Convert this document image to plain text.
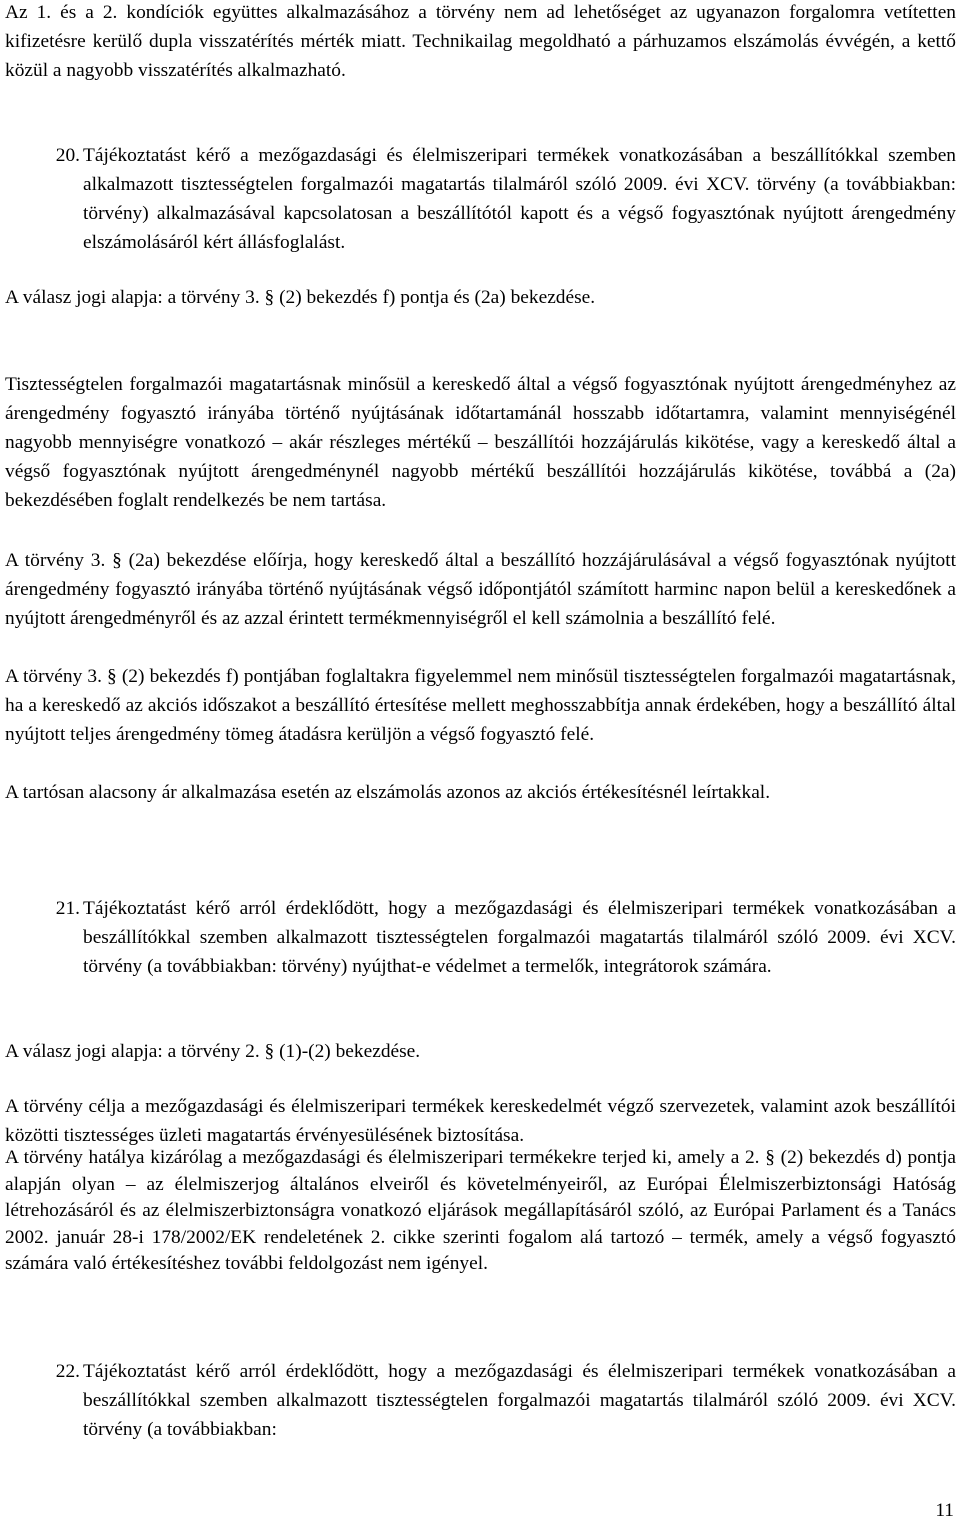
Az 1. és a 2. kondíciók együttes alkalmazásához a törvény nem ad lehetőséget az ugyanazon forgalomra vetítetten kifizetésre kerülő dupla visszatérítés mérték miatt. Technikailag megoldható a párhuzamos elszámolás évvégén, a kettő közül a nagyobb visszatérítés alkalmazható.

20. Tájékoztatást kérő a mezőgazdasági és élelmiszeripari termékek vonatkozásában a beszállítókkal szemben alkalmazott tisztességtelen forgalmazói magatartás tilalmáról szóló 2009. évi XCV. törvény (a továbbiakban: törvény) alkalmazásával kapcsolatosan a beszállítótól kapott és a végső fogyasztónak nyújtott árengedmény elszámolásáról kért állásfoglalást.

A válasz jogi alapja: a törvény 3. § (2) bekezdés f) pontja és (2a) bekezdése.

Tisztességtelen forgalmazói magatartásnak minősül a kereskedő által a végső fogyasztónak nyújtott árengedményhez az árengedmény fogyasztó irányába történő nyújtásának időtartamánál hosszabb időtartamra, valamint mennyiségénél nagyobb mennyiségre vonatkozó – akár részleges mértékű – beszállítói hozzájárulás kikötése, vagy a kereskedő által a végső fogyasztónak nyújtott árengedménynél nagyobb mértékű beszállítói hozzájárulás kikötése, továbbá a (2a) bekezdésében foglalt rendelkezés be nem tartása.

A törvény 3. § (2a) bekezdése előírja, hogy kereskedő által a beszállító hozzájárulásával a végső fogyasztónak nyújtott árengedmény fogyasztó irányába történő nyújtásának végső időpontjától számított harminc napon belül a kereskedőnek a nyújtott árengedményről és az azzal érintett termékmennyiségről el kell számolnia a beszállító felé.

A törvény 3. § (2) bekezdés f) pontjában foglaltakra figyelemmel nem minősül tisztességtelen forgalmazói magatartásnak, ha a kereskedő az akciós időszakot a beszállító értesítése mellett meghosszabbítja annak érdekében, hogy a beszállító által nyújtott teljes árengedmény tömeg átadásra kerüljön a végső fogyasztó felé.

A tartósan alacsony ár alkalmazása esetén az elszámolás azonos az akciós értékesítésnél leírtakkal.

21. Tájékoztatást kérő arról érdeklődött, hogy a mezőgazdasági és élelmiszeripari termékek vonatkozásában a beszállítókkal szemben alkalmazott tisztességtelen forgalmazói magatartás tilalmáról szóló 2009. évi XCV. törvény (a továbbiakban: törvény) nyújthat-e védelmet a termelők, integrátorok számára.

A válasz jogi alapja: a törvény 2. § (1)-(2) bekezdése.

A törvény célja a mezőgazdasági és élelmiszeripari termékek kereskedelmét végző szervezetek, valamint azok beszállítói közötti tisztességes üzleti magatartás érvényesülésének biztosítása.

A törvény hatálya kizárólag a mezőgazdasági és élelmiszeripari termékekre terjed ki, amely a 2. § (2) bekezdés d) pontja alapján olyan – az élelmiszerjog általános elveiről és követelményeiről, az Európai Élelmiszerbiztonsági Hatóság létrehozásáról és az élelmiszerbiztonságra vonatkozó eljárások megállapításáról szóló, az Európai Parlament és a Tanács 2002. január 28-i 178/2002/EK rendeletének 2. cikke szerinti fogalom alá tartozó – termék, amely a végső fogyasztó számára való értékesítéshez további feldolgozást nem igényel.

22. Tájékoztatást kérő arról érdeklődött, hogy a mezőgazdasági és élelmiszeripari termékek vonatkozásában a beszállítókkal szemben alkalmazott tisztességtelen forgalmazói magatartás tilalmáról szóló 2009. évi XCV. törvény (a továbbiakban:
11
